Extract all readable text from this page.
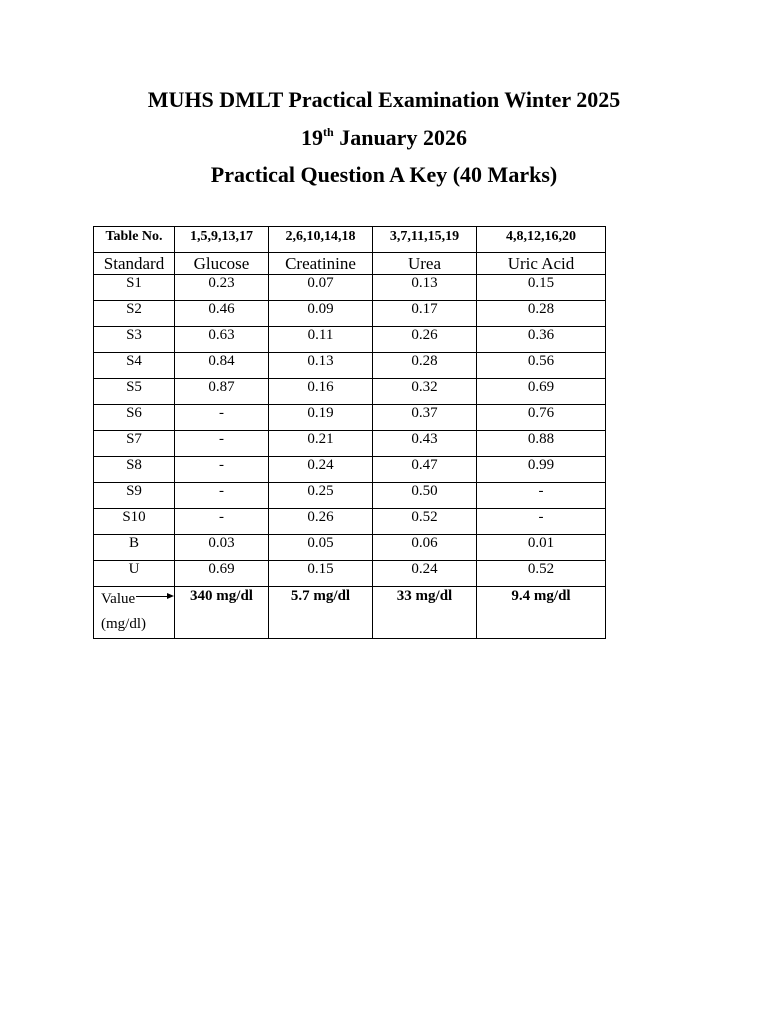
MUHS DMLT Practical Examination Winter 2025
19th January 2026
Practical Question A Key (40 Marks)
Table No.	1,5,9,13,17	2,6,10,14,18	3,7,11,15,19	4,8,12,16,20
Standard	Glucose	Creatinine	Urea	Uric Acid
S1	0.23	0.07	0.13	0.15
S2	0.46	0.09	0.17	0.28
S3	0.63	0.11	0.26	0.36
S4	0.84	0.13	0.28	0.56
S5	0.87	0.16	0.32	0.69
S6	-	0.19	0.37	0.76
S7	-	0.21	0.43	0.88
S8	-	0.24	0.47	0.99
S9	-	0.25	0.50	-
S10	-	0.26	0.52	-
B	0.03	0.05	0.06	0.01
U	0.69	0.15	0.24	0.52
Value

(mg/dl)	340 mg/dl	5.7 mg/dl	33 mg/dl	9.4 mg/dl
